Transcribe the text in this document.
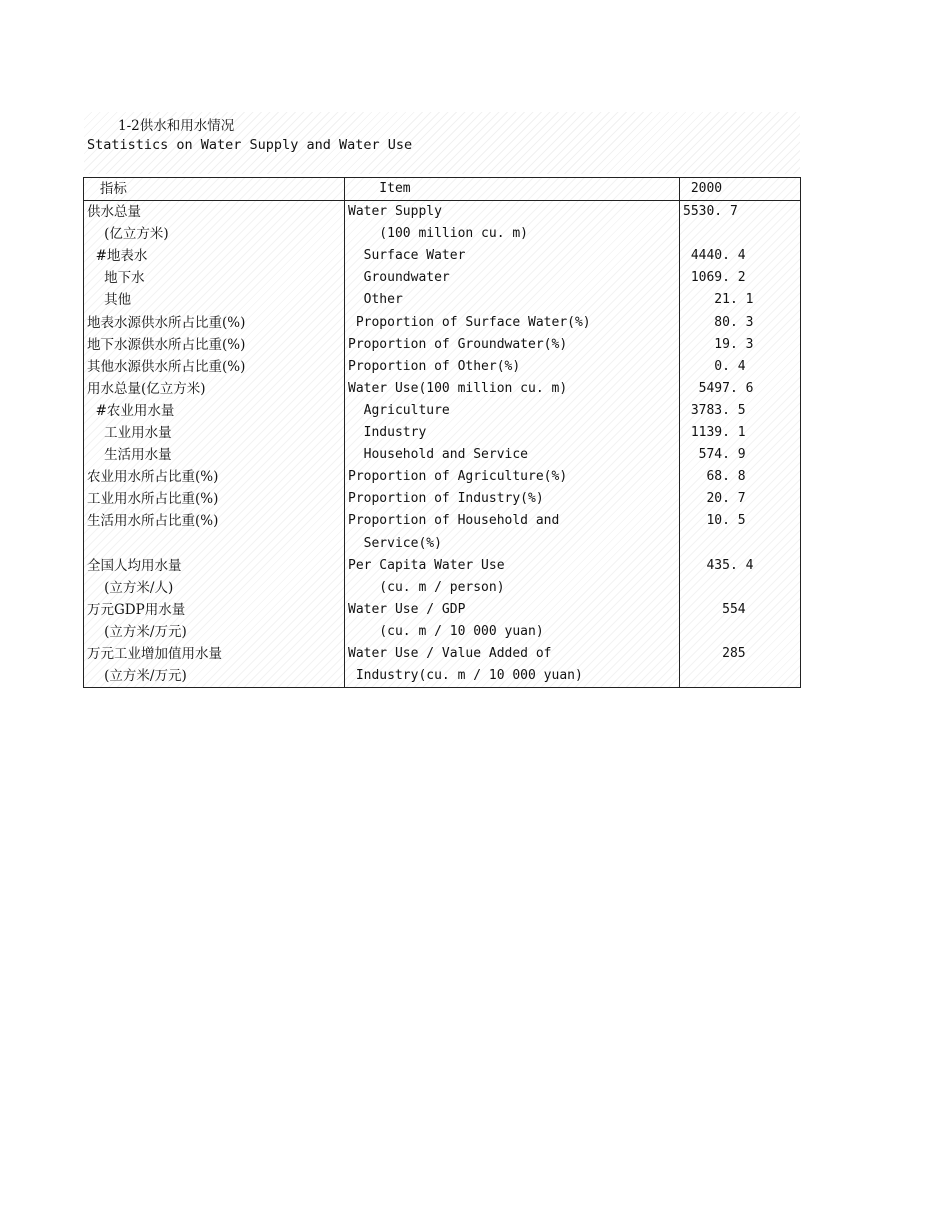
1-2供水和用水情况
Statistics on Water Supply and Water Use
指标	Item	2000
供水总量	Water Supply	5530. 7
(亿立方米)	(100 million cu. m)
#地表水	Surface Water	4440. 4
地下水	Groundwater	1069. 2
其他	Other	21. 1
地表水源供水所占比重(%)	Proportion of Surface Water(%)	80. 3
地下水源供水所占比重(%)	Proportion of Groundwater(%)	19. 3
其他水源供水所占比重(%)	Proportion of Other(%)	0. 4
用水总量(亿立方米)	Water Use(100 million cu. m)	5497. 6
#农业用水量	Agriculture	3783. 5
工业用水量	Industry	1139. 1
生活用水量	Household and Service	574. 9
农业用水所占比重(%)	Proportion of Agriculture(%)	68. 8
工业用水所占比重(%)	Proportion of Industry(%)	20. 7
生活用水所占比重(%)	Proportion of Household and	10. 5
Service(%)
全国人均用水量	Per Capita Water Use	435. 4
(立方米/人)	(cu. m / person)
万元GDP用水量	Water Use / GDP	554
(立方米/万元)	(cu. m / 10 000 yuan)
万元工业增加值用水量	Water Use / Value Added of	285
(立方米/万元)	Industry(cu. m / 10 000 yuan)
